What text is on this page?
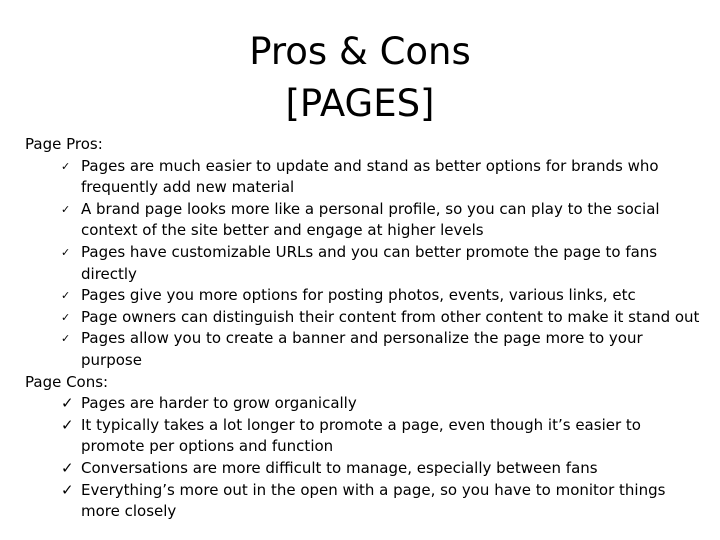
Pros & Cons
[PAGES]
Page Pros:
✓ Pages are much easier to update and stand as better options for brands who frequently add new material
✓ A brand page looks more like a personal profile, so you can play to the social context of the site better and engage at higher levels
✓ Pages have customizable URLs and you can better promote the page to fans directly
✓ Pages give you more options for posting photos, events, various links, etc
✓ Page owners can distinguish their content from other content to make it stand out
✓ Pages allow you to create a banner and personalize the page more to your purpose
Page Cons:
✓ Pages are harder to grow organically
✓ It typically takes a lot longer to promote a page, even though it’s easier to promote per options and function
✓ Conversations are more difficult to manage, especially between fans
✓ Everything’s more out in the open with a page, so you have to monitor things more closely
